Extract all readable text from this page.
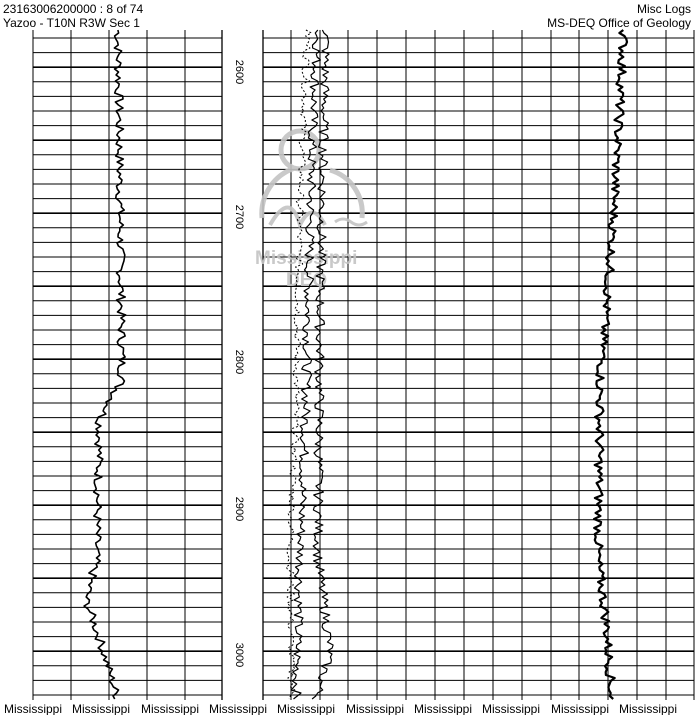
23163006200000 : 8 of 74
Yazoo - T10N R3W Sec 1
Misc Logs
MS-DEQ Office of Geology
Mississippi
DEQ
2600
2700
2800
2900
3000
Mississippi Mississippi Mississippi Mississippi Mississippi Mississippi Mississippi Mississippi Mississippi Mississippi
